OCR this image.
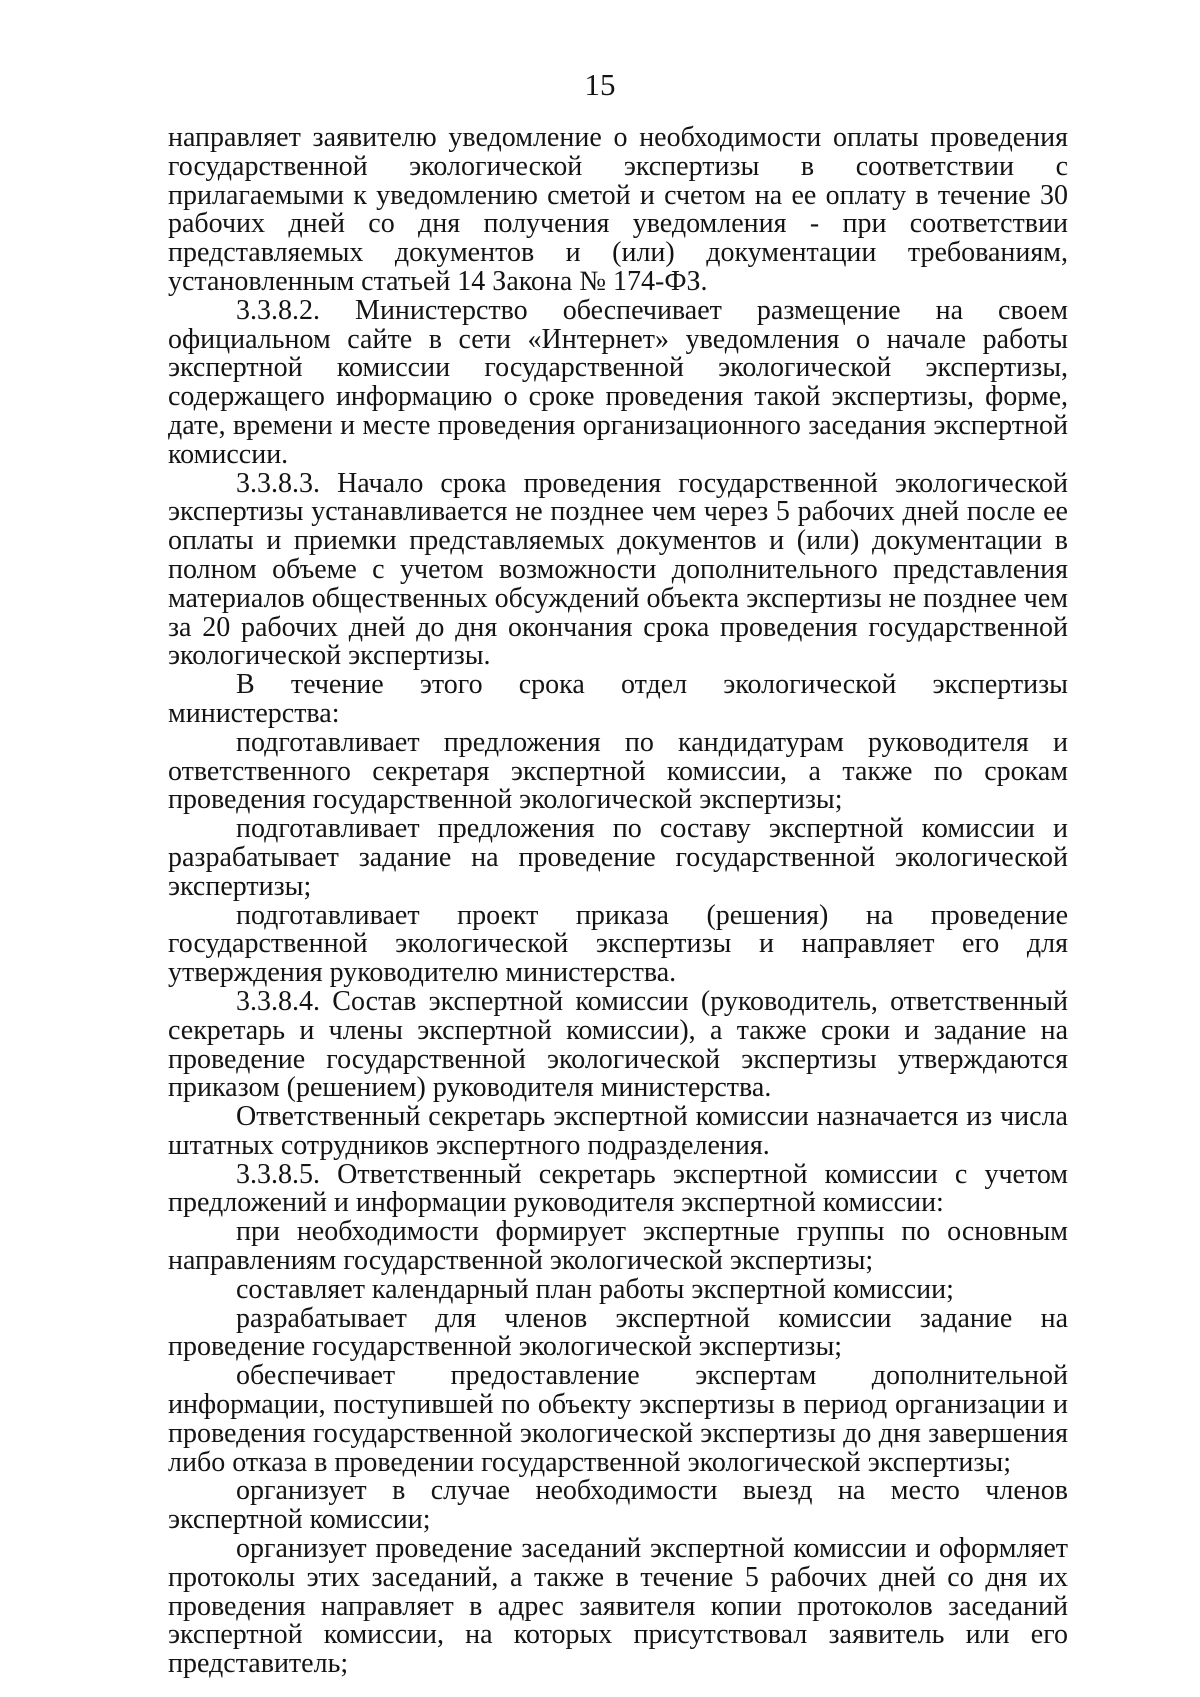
15

направляет заявителю уведомление о необходимости оплаты проведения государственной экологической экспертизы в соответствии с прилагаемыми к уведомлению сметой и счетом на ее оплату в течение 30 рабочих дней со дня получения уведомления - при соответствии представляемых документов и (или) документации требованиям, установленным статьей 14 Закона № 174-ФЗ.

3.3.8.2. Министерство обеспечивает размещение на своем официальном сайте в сети «Интернет» уведомления о начале работы экспертной комиссии государственной экологической экспертизы, содержащего информацию о сроке проведения такой экспертизы, форме, дате, времени и месте проведения организационного заседания экспертной комиссии.

3.3.8.3. Начало срока проведения государственной экологической экспертизы устанавливается не позднее чем через 5 рабочих дней после ее оплаты и приемки представляемых документов и (или) документации в полном объеме с учетом возможности дополнительного представления материалов общественных обсуждений объекта экспертизы не позднее чем за 20 рабочих дней до дня окончания срока проведения государственной экологической экспертизы.

В течение этого срока отдел экологической экспертизы министерства:

подготавливает предложения по кандидатурам руководителя и ответственного секретаря экспертной комиссии, а также по срокам проведения государственной экологической экспертизы;

подготавливает предложения по составу экспертной комиссии и разрабатывает задание на проведение государственной экологической экспертизы;

подготавливает проект приказа (решения) на проведение государственной экологической экспертизы и направляет его для утверждения руководителю министерства.

3.3.8.4. Состав экспертной комиссии (руководитель, ответственный секретарь и члены экспертной комиссии), а также сроки и задание на проведение государственной экологической экспертизы утверждаются приказом (решением) руководителя министерства.

Ответственный секретарь экспертной комиссии назначается из числа штатных сотрудников экспертного подразделения.

3.3.8.5. Ответственный секретарь экспертной комиссии с учетом предложений и информации руководителя экспертной комиссии:

при необходимости формирует экспертные группы по основным направлениям государственной экологической экспертизы;

составляет календарный план работы экспертной комиссии;

разрабатывает для членов экспертной комиссии задание на проведение государственной экологической экспертизы;

обеспечивает предоставление экспертам дополнительной информации, поступившей по объекту экспертизы в период организации и проведения государственной экологической экспертизы до дня завершения либо отказа в проведении государственной экологической экспертизы;

организует в случае необходимости выезд на место членов экспертной комиссии;

организует проведение заседаний экспертной комиссии и оформляет протоколы этих заседаний, а также в течение 5 рабочих дней со дня их проведения направляет в адрес заявителя копии протоколов заседаний экспертной комиссии, на которых присутствовал заявитель или его представитель;
